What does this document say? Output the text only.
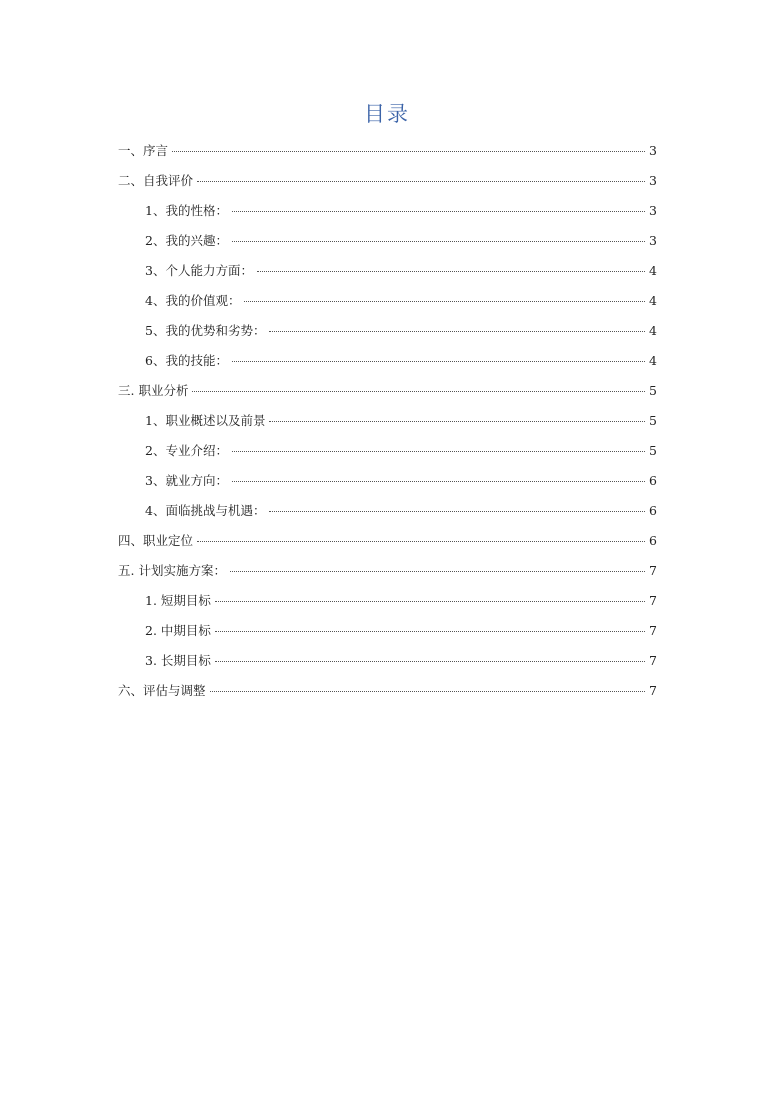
目录
一、序言	3
二、自我评价	3
1、我的性格：	3
2、我的兴趣：	3
3、个人能力方面：	4
4、我的价值观：	4
5、我的优势和劣势：	4
6、我的技能：	4
三. 职业分析	5
1、职业概述以及前景	5
2、专业介绍：	5
3、就业方向：	6
4、面临挑战与机遇：	6
四、职业定位	6
五. 计划实施方案：	7
1. 短期目标	7
2. 中期目标	7
3. 长期目标	7
六、评估与调整	7
